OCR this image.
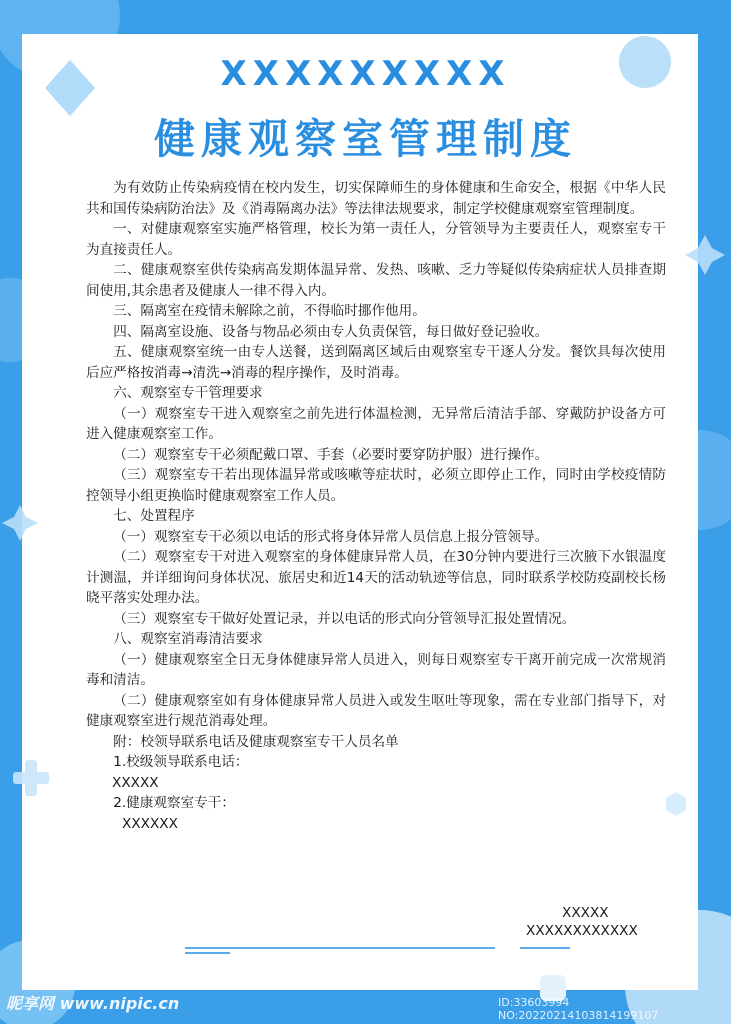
XXXXXXXXX
健康观察室管理制度

为有效防止传染病疫情在校内发生，切实保障师生的身体健康和生命安全，根据《中华人民共和国传染病防治法》及《消毒隔离办法》等法律法规要求，制定学校健康观察室管理制度。

一、对健康观察室实施严格管理，校长为第一责任人，分管领导为主要责任人，观察室专干为直接责任人。

二、健康观察室供传染病高发期体温异常、发热、咳嗽、乏力等疑似传染病症状人员排查期间使用,其余患者及健康人一律不得入内。

三、隔离室在疫情未解除之前，不得临时挪作他用。

四、隔离室设施、设备与物品必须由专人负责保管，每日做好登记验收。

五、健康观察室统一由专人送餐，送到隔离区域后由观察室专干逐人分发。餐饮具每次使用后应严格按消毒→清洗→消毒的程序操作，及时消毒。

六、观察室专干管理要求

（一）观察室专干进入观察室之前先进行体温检测，无异常后清洁手部、穿戴防护设备方可进入健康观察室工作。

（二）观察室专干必须配戴口罩、手套（必要时要穿防护服）进行操作。

（三）观察室专干若出现体温异常或咳嗽等症状时，必须立即停止工作，同时由学校疫情防控领导小组更换临时健康观察室工作人员。

七、处置程序

（一）观察室专干必须以电话的形式将身体异常人员信息上报分管领导。

（二）观察室专干对进入观察室的身体健康异常人员，在30分钟内要进行三次腋下水银温度计测温，并详细询问身体状况、旅居史和近14天的活动轨迹等信息，同时联系学校防疫副校长杨晓平落实处理办法。

（三）观察室专干做好处置记录，并以电话的形式向分管领导汇报处置情况。

八、观察室消毒清洁要求

（一）健康观察室全日无身体健康异常人员进入，则每日观察室专干离开前完成一次常规消毒和清洁。

（二）健康观察室如有身体健康异常人员进入或发生呕吐等现象，需在专业部门指导下，对健康观察室进行规范消毒处理。

附：校领导联系电话及健康观察室专干人员名单

1.校级领导联系电话：

XXXXX

2.健康观察室专干：

XXXXXX

XXXXX
XXXXXXXXXXXX
昵享网 www.nipic.cn	ID:33603994 NO:20220214103814199107
